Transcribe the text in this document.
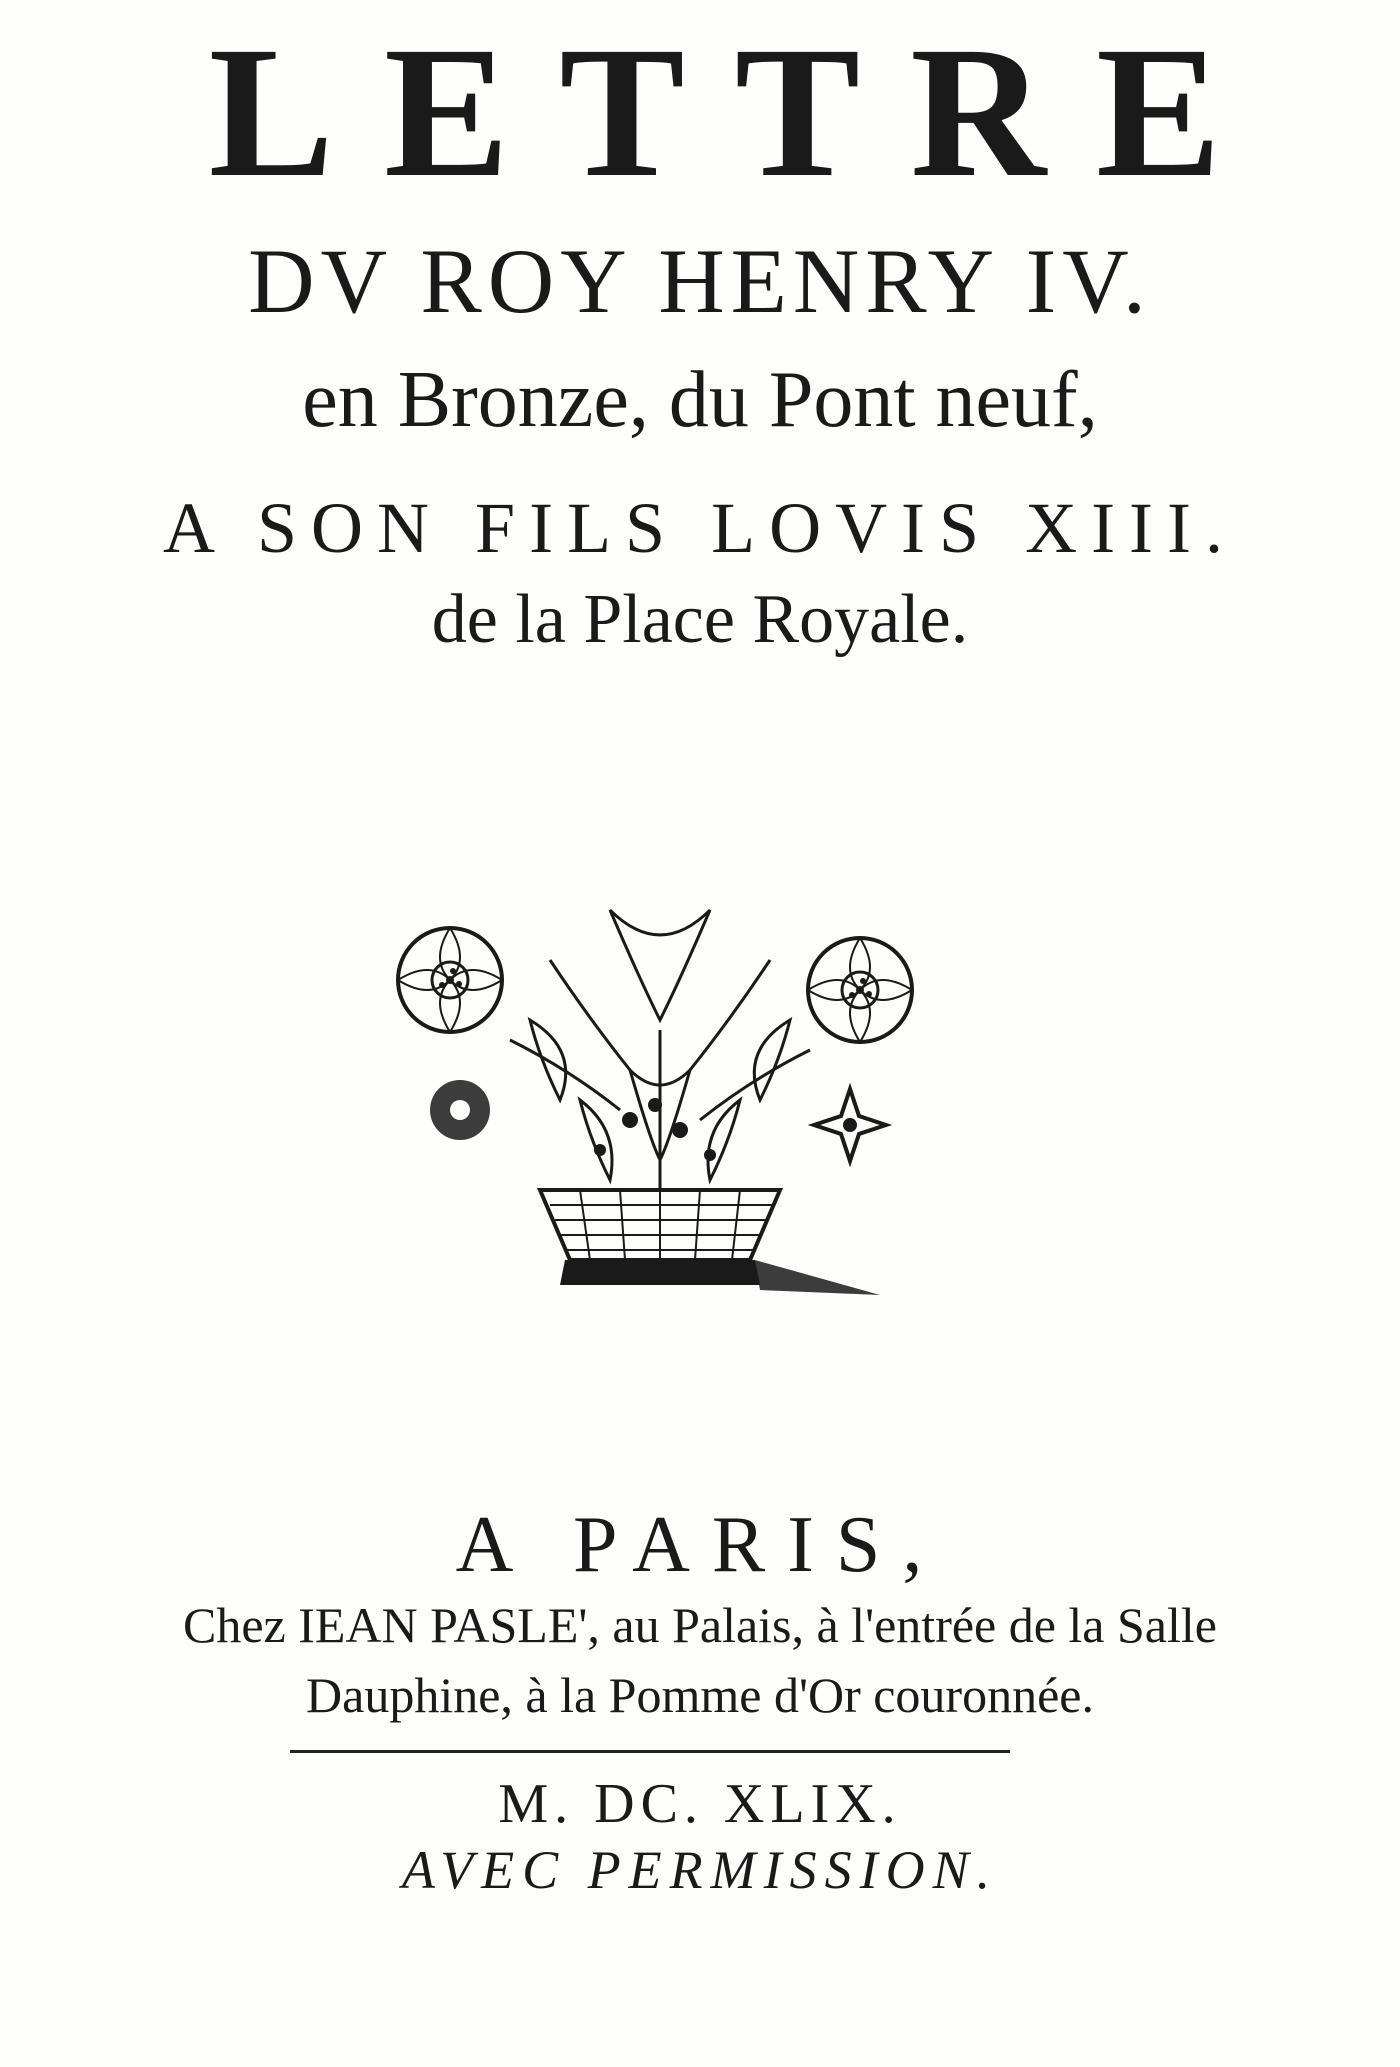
LETTRE
DV ROY HENRY IV.
en Bronze, du Pont neuf,
A SON FILS LOVIS XIII.
de la Place Royale.
A PARIS,
Chez IEAN PASLE', au Palais, à l'entrée de la Salle
Dauphine, à la Pomme d'Or couronnée.
M. DC. XLIX.
AVEC PERMISSION.
